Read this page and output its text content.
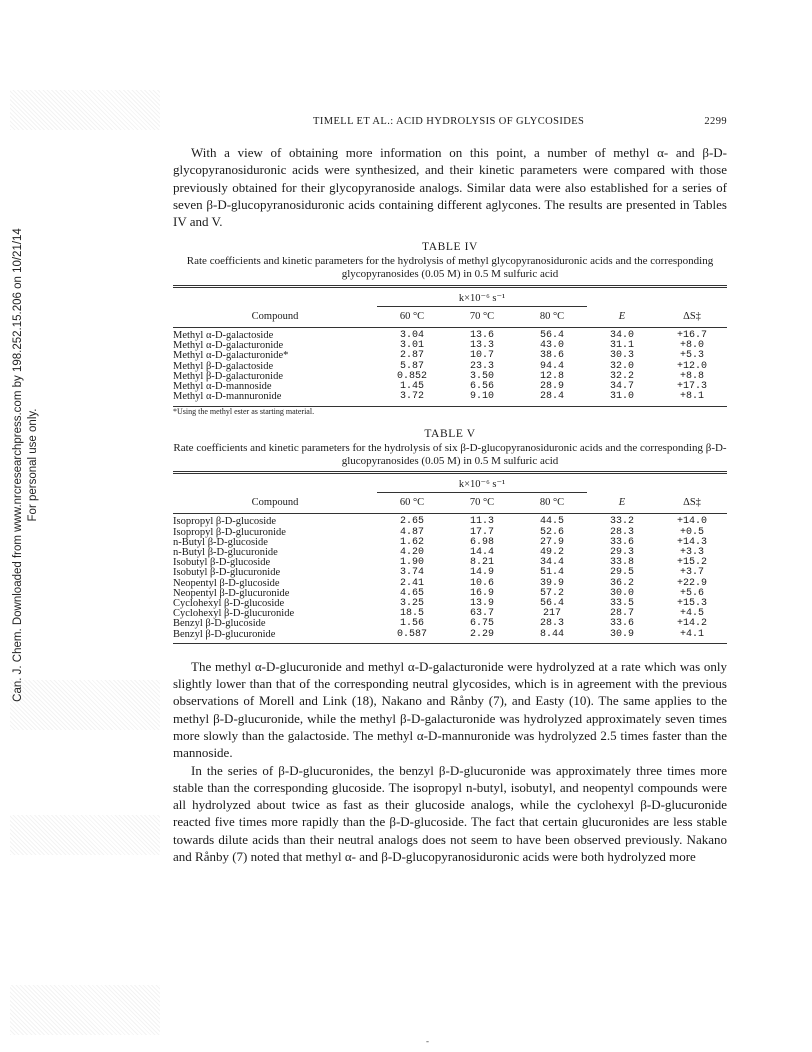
Can. J. Chem. Downloaded from www.nrcresearchpress.com by 198.252.15.206 on 10/21/14 For personal use only.
TIMELL ET AL.: ACID HYDROLYSIS OF GLYCOSIDES	2299

With a view of obtaining more information on this point, a number of methyl α- and β-D-glycopyranosiduronic acids were synthesized, and their kinetic parameters were compared with those previously obtained for their glycopyranoside analogs. Similar data were also established for a series of seven β-D-glucopyranosiduronic acids containing different aglycones. The results are presented in Tables IV and V.

TABLE IV
Rate coefficients and kinetic parameters for the hydrolysis of methyl glycopyranosiduronic acids and the corresponding glycopyranosides (0.05 M) in 0.5 M sulfuric acid
	k×10⁻⁶ s⁻¹				
Compound	60 °C	70 °C	80 °C	E	ΔS‡
Methyl α-D-galactoside	3.04	13.6	56.4	34.0	+16.7
Methyl α-D-galacturonide	3.01	13.3	43.0	31.1	+8.0
Methyl α-D-galacturonide*	2.87	10.7	38.6	30.3	+5.3
Methyl β-D-galactoside	5.87	23.3	94.4	32.0	+12.0
Methyl β-D-galacturonide	0.852	3.50	12.8	32.2	+8.8
Methyl α-D-mannoside	1.45	6.56	28.9	34.7	+17.3
Methyl α-D-mannuronide	3.72	9.10	28.4	31.0	+8.1
*Using the methyl ester as starting material.					
TABLE V
Rate coefficients and kinetic parameters for the hydrolysis of six β-D-glucopyranosiduronic acids and the corresponding β-D-glucopyranosides (0.05 M) in 0.5 M sulfuric acid
	k×10⁻⁶ s⁻¹				
Compound	60 °C	70 °C	80 °C	E	ΔS‡
Isopropyl β-D-glucoside	2.65	11.3	44.5	33.2	+14.0
Isopropyl β-D-glucuronide	4.87	17.7	52.6	28.3	+0.5
n-Butyl β-D-glucoside	1.62	6.98	27.9	33.6	+14.3
n-Butyl β-D-glucuronide	4.20	14.4	49.2	29.3	+3.3
Isobutyl β-D-glucoside	1.90	8.21	34.4	33.8	+15.2
Isobutyl β-D-glucuronide	3.74	14.9	51.4	29.5	+3.7
Neopentyl β-D-glucoside	2.41	10.6	39.9	36.2	+22.9
Neopentyl β-D-glucuronide	4.65	16.9	57.2	30.0	+5.6
Cyclohexyl β-D-glucoside	3.25	13.9	56.4	33.5	+15.3
Cyclohexyl β-D-glucuronide	18.5	63.7	217	28.7	+4.5
Benzyl β-D-glucoside	1.56	6.75	28.3	33.6	+14.2
Benzyl β-D-glucuronide	0.587	2.29	8.44	30.9	+4.1

The methyl α-D-glucuronide and methyl α-D-galacturonide were hydrolyzed at a rate which was only slightly lower than that of the corresponding neutral glycosides, which is in agreement with the previous observations of Morell and Link (18), Nakano and Rånby (7), and Easty (10). The same applies to the methyl β-D-glucuronide, while the methyl β-D-galacturonide was hydrolyzed approximately seven times more slowly than the galactoside. The methyl α-D-mannuronide was hydrolyzed 2.5 times faster than the mannoside.

In the series of β-D-glucuronides, the benzyl β-D-glucuronide was approximately three times more stable than the corresponding glucoside. The isopropyl n-butyl, isobutyl, and neopentyl compounds were all hydrolyzed about twice as fast as their glucoside analogs, while the cyclohexyl β-D-glucuronide reacted five times more rapidly than the β-D-glucoside. The fact that certain glucuronides are less stable towards dilute acids than their neutral analogs does not seem to have been observed previously. Nakano and Rånby (7) noted that methyl α- and β-D-glucopyranosiduronic acids were both hydrolyzed more

-
